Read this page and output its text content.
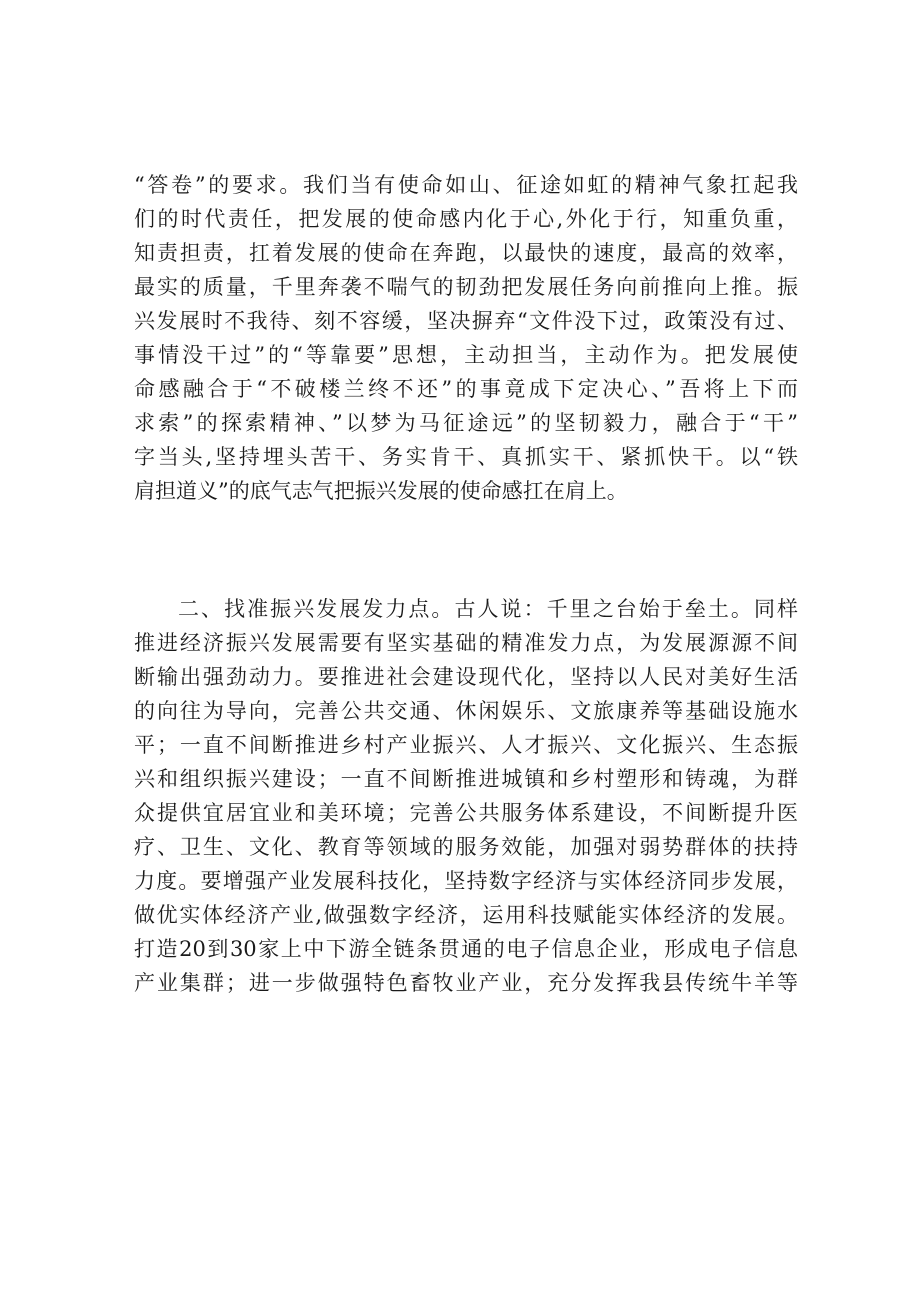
“答卷”的要求。我们当有使命如山、征途如虹的精神气象扛起我
们的时代责任，把发展的使命感内化于心,外化于行，知重负重，
知责担责，扛着发展的使命在奔跑，以最快的速度，最高的效率，
最实的质量，千里奔袭不喘气的韧劲把发展任务向前推向上推。振
兴发展时不我待、刻不容缓，坚决摒弃“文件没下过，政策没有过、
事情没干过”的“等靠要”思想，主动担当，主动作为。把发展使
命感融合于“不破楼兰终不还”的事竟成下定决心、”吾将上下而
求索”的探索精神、”以梦为马征途远”的坚韧毅力，融合于“干”
字当头,坚持埋头苦干、务实肯干、真抓实干、紧抓快干。以“铁
肩担道义”的底气志气把振兴发展的使命感扛在肩上。
二、找准振兴发展发力点。古人说：千里之台始于垒土。同样
推进经济振兴发展需要有坚实基础的精准发力点，为发展源源不间
断输出强劲动力。要推进社会建设现代化，坚持以人民对美好生活
的向往为导向，完善公共交通、休闲娱乐、文旅康养等基础设施水
平；一直不间断推进乡村产业振兴、人才振兴、文化振兴、生态振
兴和组织振兴建设；一直不间断推进城镇和乡村塑形和铸魂，为群
众提供宜居宜业和美环境；完善公共服务体系建设，不间断提升医
疗、卫生、文化、教育等领域的服务效能，加强对弱势群体的扶持
力度。要增强产业发展科技化，坚持数字经济与实体经济同步发展，
做优实体经济产业,做强数字经济，运用科技赋能实体经济的发展。
打造20到30家上中下游全链条贯通的电子信息企业，形成电子信息
产业集群；进一步做强特色畜牧业产业，充分发挥我县传统牛羊等
